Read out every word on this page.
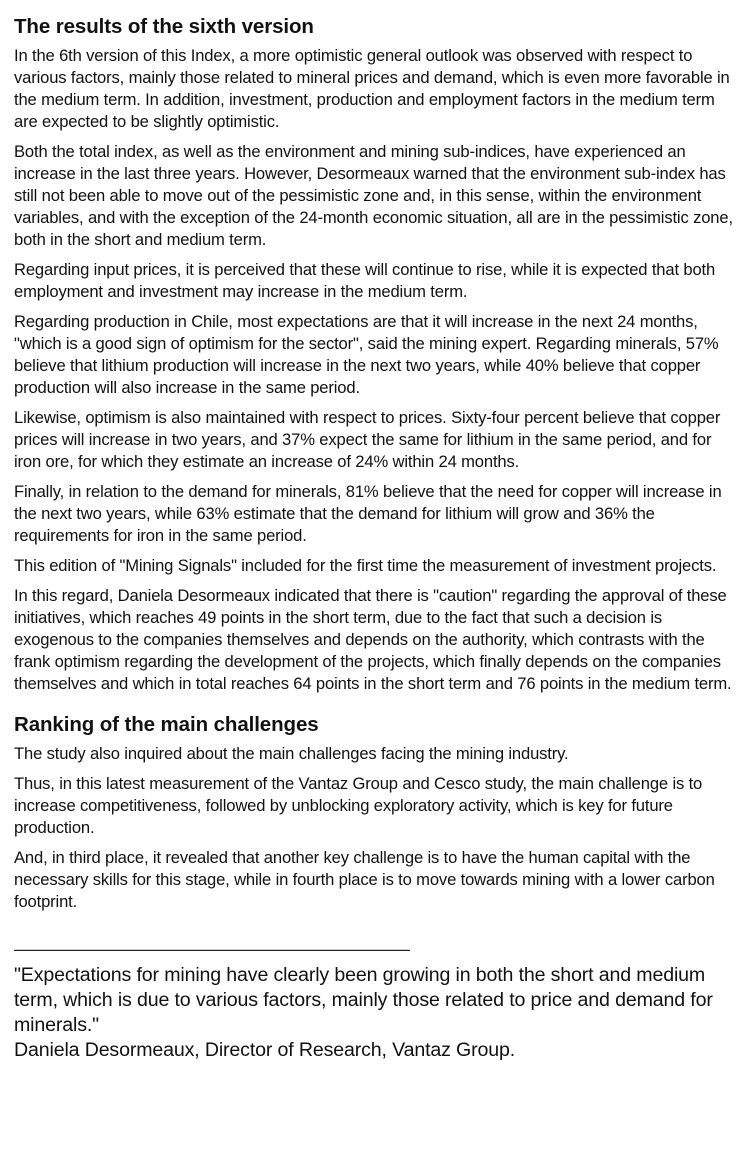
The results of the sixth version

In the 6th version of this Index, a more optimistic general outlook was observed with respect to various factors, mainly those related to mineral prices and demand, which is even more favorable in the medium term. In addition, investment, production and employment factors in the medium term are expected to be slightly optimistic.

Both the total index, as well as the environment and mining sub-indices, have experienced an increase in the last three years. However, Desormeaux warned that the environment sub-index has still not been able to move out of the pessimistic zone and, in this sense, within the environment variables, and with the exception of the 24-month economic situation, all are in the pessimistic zone, both in the short and medium term.

Regarding input prices, it is perceived that these will continue to rise, while it is expected that both employment and investment may increase in the medium term.

Regarding production in Chile, most expectations are that it will increase in the next 24 months, "which is a good sign of optimism for the sector", said the mining expert. Regarding minerals, 57% believe that lithium production will increase in the next two years, while 40% believe that copper production will also increase in the same period.

Likewise, optimism is also maintained with respect to prices. Sixty-four percent believe that copper prices will increase in two years, and 37% expect the same for lithium in the same period, and for iron ore, for which they estimate an increase of 24% within 24 months.

Finally, in relation to the demand for minerals, 81% believe that the need for copper will increase in the next two years, while 63% estimate that the demand for lithium will grow and 36% the requirements for iron in the same period.

This edition of "Mining Signals" included for the first time the measurement of investment projects.

In this regard, Daniela Desormeaux indicated that there is "caution" regarding the approval of these initiatives, which reaches 49 points in the short term, due to the fact that such a decision is exogenous to the companies themselves and depends on the authority, which contrasts with the frank optimism regarding the development of the projects, which finally depends on the companies themselves and which in total reaches 64 points in the short term and 76 points in the medium term.

Ranking of the main challenges

The study also inquired about the main challenges facing the mining industry.

Thus, in this latest measurement of the Vantaz Group and Cesco study, the main challenge is to increase competitiveness, followed by unblocking exploratory activity, which is key for future production.

And, in third place, it revealed that another key challenge is to have the human capital with the necessary skills for this stage, while in fourth place is to move towards mining with a lower carbon footprint.

——————————————————————

"Expectations for mining have clearly been growing in both the short and medium term, which is due to various factors, mainly those related to price and demand for minerals."

Daniela Desormeaux, Director of Research, Vantaz Group.
